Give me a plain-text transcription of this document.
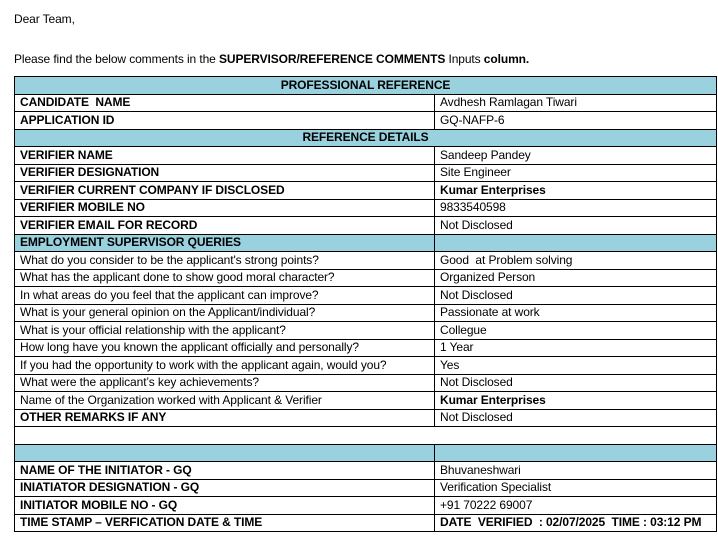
Dear Team,

Please find the below comments in the SUPERVISOR/REFERENCE COMMENTS Inputs column.

PROFESSIONAL REFERENCE	
CANDIDATE  NAME	Avdhesh Ramlagan Tiwari
APPLICATION ID	GQ-NAFP-6
REFERENCE DETAILS	
VERIFIER NAME	Sandeep Pandey
VERIFIER DESIGNATION	Site Engineer
VERIFIER CURRENT COMPANY IF DISCLOSED	Kumar Enterprises
VERIFIER MOBILE NO	9833540598
VERIFIER EMAIL FOR RECORD	Not Disclosed
EMPLOYMENT SUPERVISOR QUERIES	
What do you consider to be the applicant's strong points?	Good  at Problem solving
What has the applicant done to show good moral character?	Organized Person
In what areas do you feel that the applicant can improve?	Not Disclosed
What is your general opinion on the Applicant/individual?	Passionate at work
What is your official relationship with the applicant?	Collegue
How long have you known the applicant officially and personally?	1 Year
If you had the opportunity to work with the applicant again, would you?	Yes
What were the applicant’s key achievements?	Not Disclosed
Name of the Organization worked with Applicant & Verifier	Kumar Enterprises
OTHER REMARKS IF ANY	Not Disclosed

NAME OF THE INITIATOR - GQ	Bhuvaneshwari
INIATIATOR DESIGNATION - GQ	Verification Specialist
INITIATOR MOBILE NO - GQ	+91 70222 69007
TIME STAMP – VERFICATION DATE & TIME	DATE  VERIFIED  : 02/07/2025  TIME : 03:12 PM
